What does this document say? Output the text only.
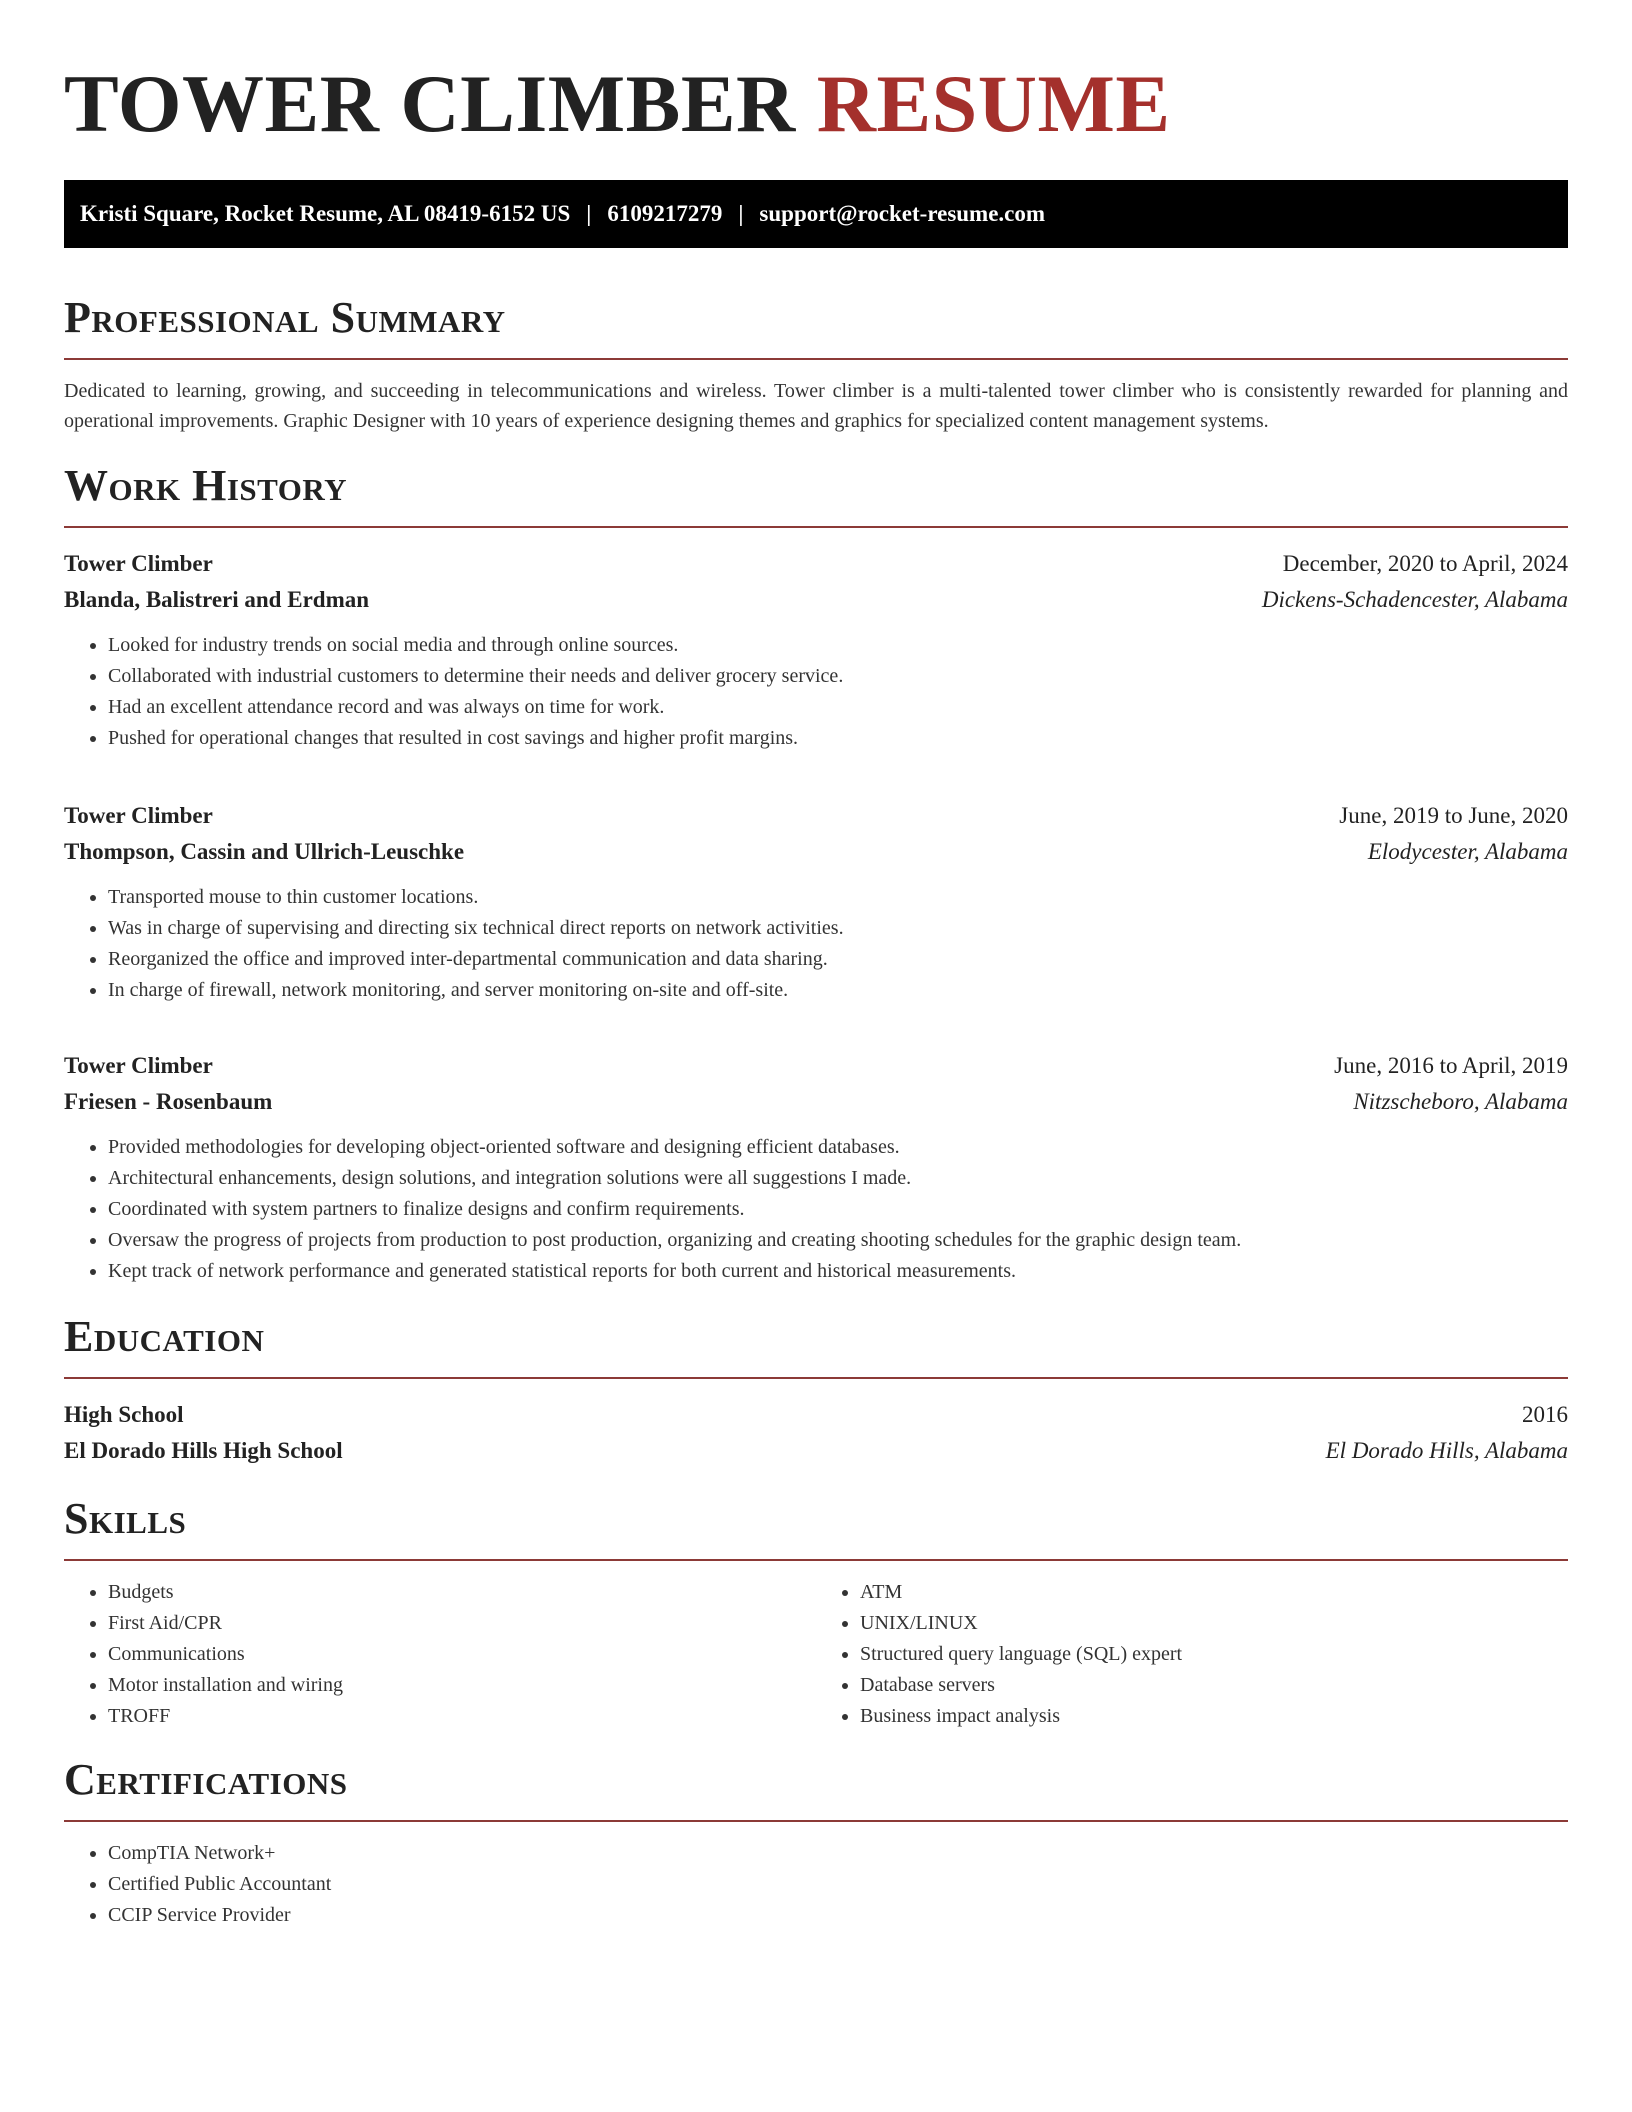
TOWER CLIMBER RESUME
Kristi Square, Rocket Resume, AL 08419-6152 US | 6109217279 | support@rocket-resume.com
Professional Summary

Dedicated to learning, growing, and succeeding in telecommunications and wireless. Tower climber is a multi-talented tower climber who is consistently rewarded for planning and operational improvements. Graphic Designer with 10 years of experience designing themes and graphics for specialized content management systems.

Work History
Tower Climber	December, 2020 to April, 2024
Blanda, Balistreri and Erdman	Dickens-Schadencester, Alabama
• Looked for industry trends on social media and through online sources.
• Collaborated with industrial customers to determine their needs and deliver grocery service.
• Had an excellent attendance record and was always on time for work.
• Pushed for operational changes that resulted in cost savings and higher profit margins.
Tower Climber	June, 2019 to June, 2020
Thompson, Cassin and Ullrich-Leuschke	Elodycester, Alabama
• Transported mouse to thin customer locations.
• Was in charge of supervising and directing six technical direct reports on network activities.
• Reorganized the office and improved inter-departmental communication and data sharing.
• In charge of firewall, network monitoring, and server monitoring on-site and off-site.
Tower Climber	June, 2016 to April, 2019
Friesen - Rosenbaum	Nitzscheboro, Alabama
• Provided methodologies for developing object-oriented software and designing efficient databases.
• Architectural enhancements, design solutions, and integration solutions were all suggestions I made.
• Coordinated with system partners to finalize designs and confirm requirements.
• Oversaw the progress of projects from production to post production, organizing and creating shooting schedules for the graphic design team.
• Kept track of network performance and generated statistical reports for both current and historical measurements.
Education
High School	2016
El Dorado Hills High School	El Dorado Hills, Alabama
Skills
• Budgets
• First Aid/CPR
• Communications
• Motor installation and wiring
• TROFF
• ATM
• UNIX/LINUX
• Structured query language (SQL) expert
• Database servers
• Business impact analysis
Certifications
• CompTIA Network+
• Certified Public Accountant
• CCIP Service Provider
